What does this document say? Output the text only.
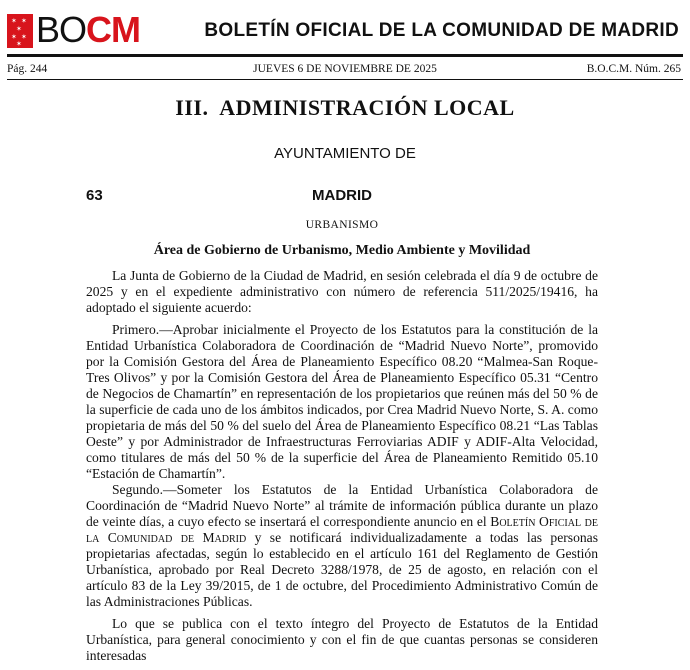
✶ ✶
✶
✶ ✶
✶ BOCM	BOLETÍN OFICIAL DE LA COMUNIDAD DE MADRID
Pág. 244	JUEVES 6 DE NOVIEMBRE DE 2025	B.O.C.M. Núm. 265
III.  ADMINISTRACIÓN LOCAL
AYUNTAMIENTO DE
63	MADRID
URBANISMO
Área de Gobierno de Urbanismo, Medio Ambiente y Movilidad

La Junta de Gobierno de la Ciudad de Madrid, en sesión celebrada el día 9 de octubre de 2025 y en el expediente administrativo con número de referencia 511/2025/19416, ha adoptado el siguiente acuerdo:

Primero.—Aprobar inicialmente el Proyecto de los Estatutos para la constitución de la Entidad Urbanística Colaboradora de Coordinación de “Madrid Nuevo Norte”, promovido por la Comisión Gestora del Área de Planeamiento Específico 08.20 “Malmea-San Roque-Tres Olivos” y por la Comisión Gestora del Área de Planeamiento Específico 05.31 “Centro de Negocios de Chamartín” en representación de los propietarios que reúnen más del 50 % de la superficie de cada uno de los ámbitos indicados, por Crea Madrid Nuevo Norte, S. A. como propietaria de más del 50 % del suelo del Área de Planeamiento Específico 08.21 “Las Tablas Oeste” y por Administrador de Infraestructuras Ferroviarias ADIF y ADIF-Alta Velocidad, como titulares de más del 50 % de la superficie del Área de Planeamiento Remitido 05.10 “Estación de Chamartín”.

Segundo.—Someter los Estatutos de la Entidad Urbanística Colaboradora de Coordinación de “Madrid Nuevo Norte” al trámite de información pública durante un plazo de veinte días, a cuyo efecto se insertará el correspondiente anuncio en el Boletín Oficial de la Comunidad de Madrid y se notificará individualizadamente a todas las personas propietarias afectadas, según lo establecido en el artículo 161 del Reglamento de Gestión Urbanística, aprobado por Real Decreto 3288/1978, de 25 de agosto, en relación con el artículo 83 de la Ley 39/2015, de 1 de octubre, del Procedimiento Administrativo Común de las Administraciones Públicas.

Lo que se publica con el texto íntegro del Proyecto de Estatutos de la Entidad Urbanística, para general conocimiento y con el fin de que cuantas personas se consideren interesadas
